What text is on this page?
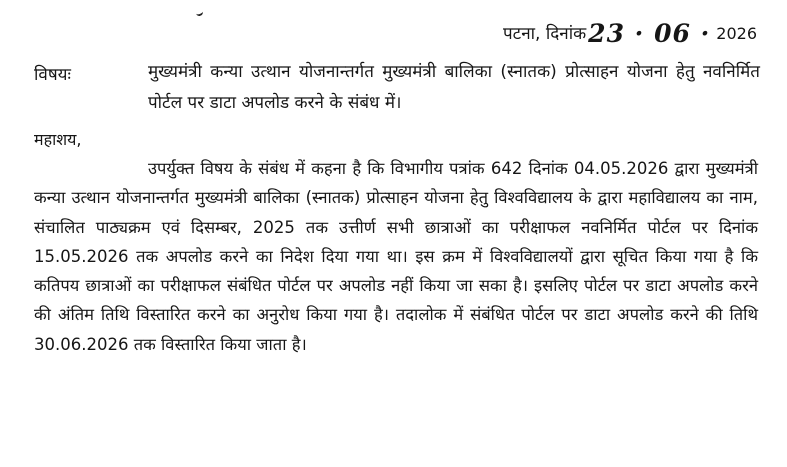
पटना, दिनांक23 · 06 · 2026
विषयः	मुख्यमंत्री कन्या उत्थान योजनान्तर्गत मुख्यमंत्री बालिका (स्नातक) प्रोत्साहन योजना हेतु नवनिर्मित पोर्टल पर डाटा अपलोड करने के संबंध में।
महाशय,
उपर्युक्त विषय के संबंध में कहना है कि विभागीय पत्रांक 642 दिनांक 04.05.2026 द्वारा मुख्यमंत्री कन्या उत्थान योजनान्तर्गत मुख्यमंत्री बालिका (स्नातक) प्रोत्साहन योजना हेतु विश्वविद्यालय के द्वारा महाविद्यालय का नाम, संचालित पाठ्यक्रम एवं दिसम्बर, 2025 तक उत्तीर्ण सभी छात्राओं का परीक्षाफल नवनिर्मित पोर्टल पर दिनांक 15.05.2026 तक अपलोड करने का निदेश दिया गया था। इस क्रम में विश्वविद्यालयों द्वारा सूचित किया गया है कि कतिपय छात्राओं का परीक्षाफल संबंधित पोर्टल पर अपलोड नहीं किया जा सका है। इसलिए पोर्टल पर डाटा अपलोड करने की अंतिम तिथि विस्तारित करने का अनुरोध किया गया है। तदालोक में संबंधित पोर्टल पर डाटा अपलोड करने की तिथि 30.06.2026 तक विस्तारित किया जाता है।
